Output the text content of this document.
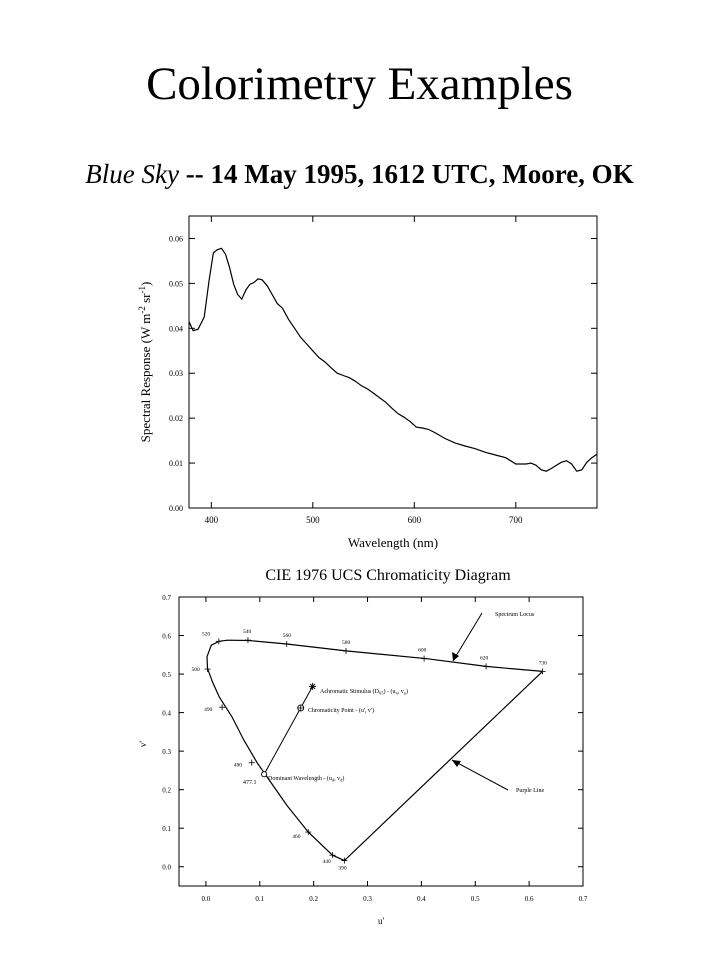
Colorimetry Examples
Blue Sky -- 14 May 1995, 1612 UTC, Moore, OK
400	500	600	700
0.00
0.01
0.02
0.03
0.04
0.05
0.06
Wavelength (nm)
Spectral Response (W $m^{-2}$ $sr^{-1}$)
CIE 1976 UCS Chromaticity Diagram
0.0	0.1	0.2	0.3	0.4	0.5	0.6	0.7
0.0
0.1
0.2
0.3
0.4
0.5
0.6
0.7
390
440
460
480
490
500
520	540
560
580
600
620
730
Spectrum Locus
Purple Line
477.1
Achromatic Stimulus $(D_{65}) - (u_n$, $v_n$)
Chromaticity Point - (u', v')
Dominant Wavelength - ($u_d$, $v_d$)
u'
v'
